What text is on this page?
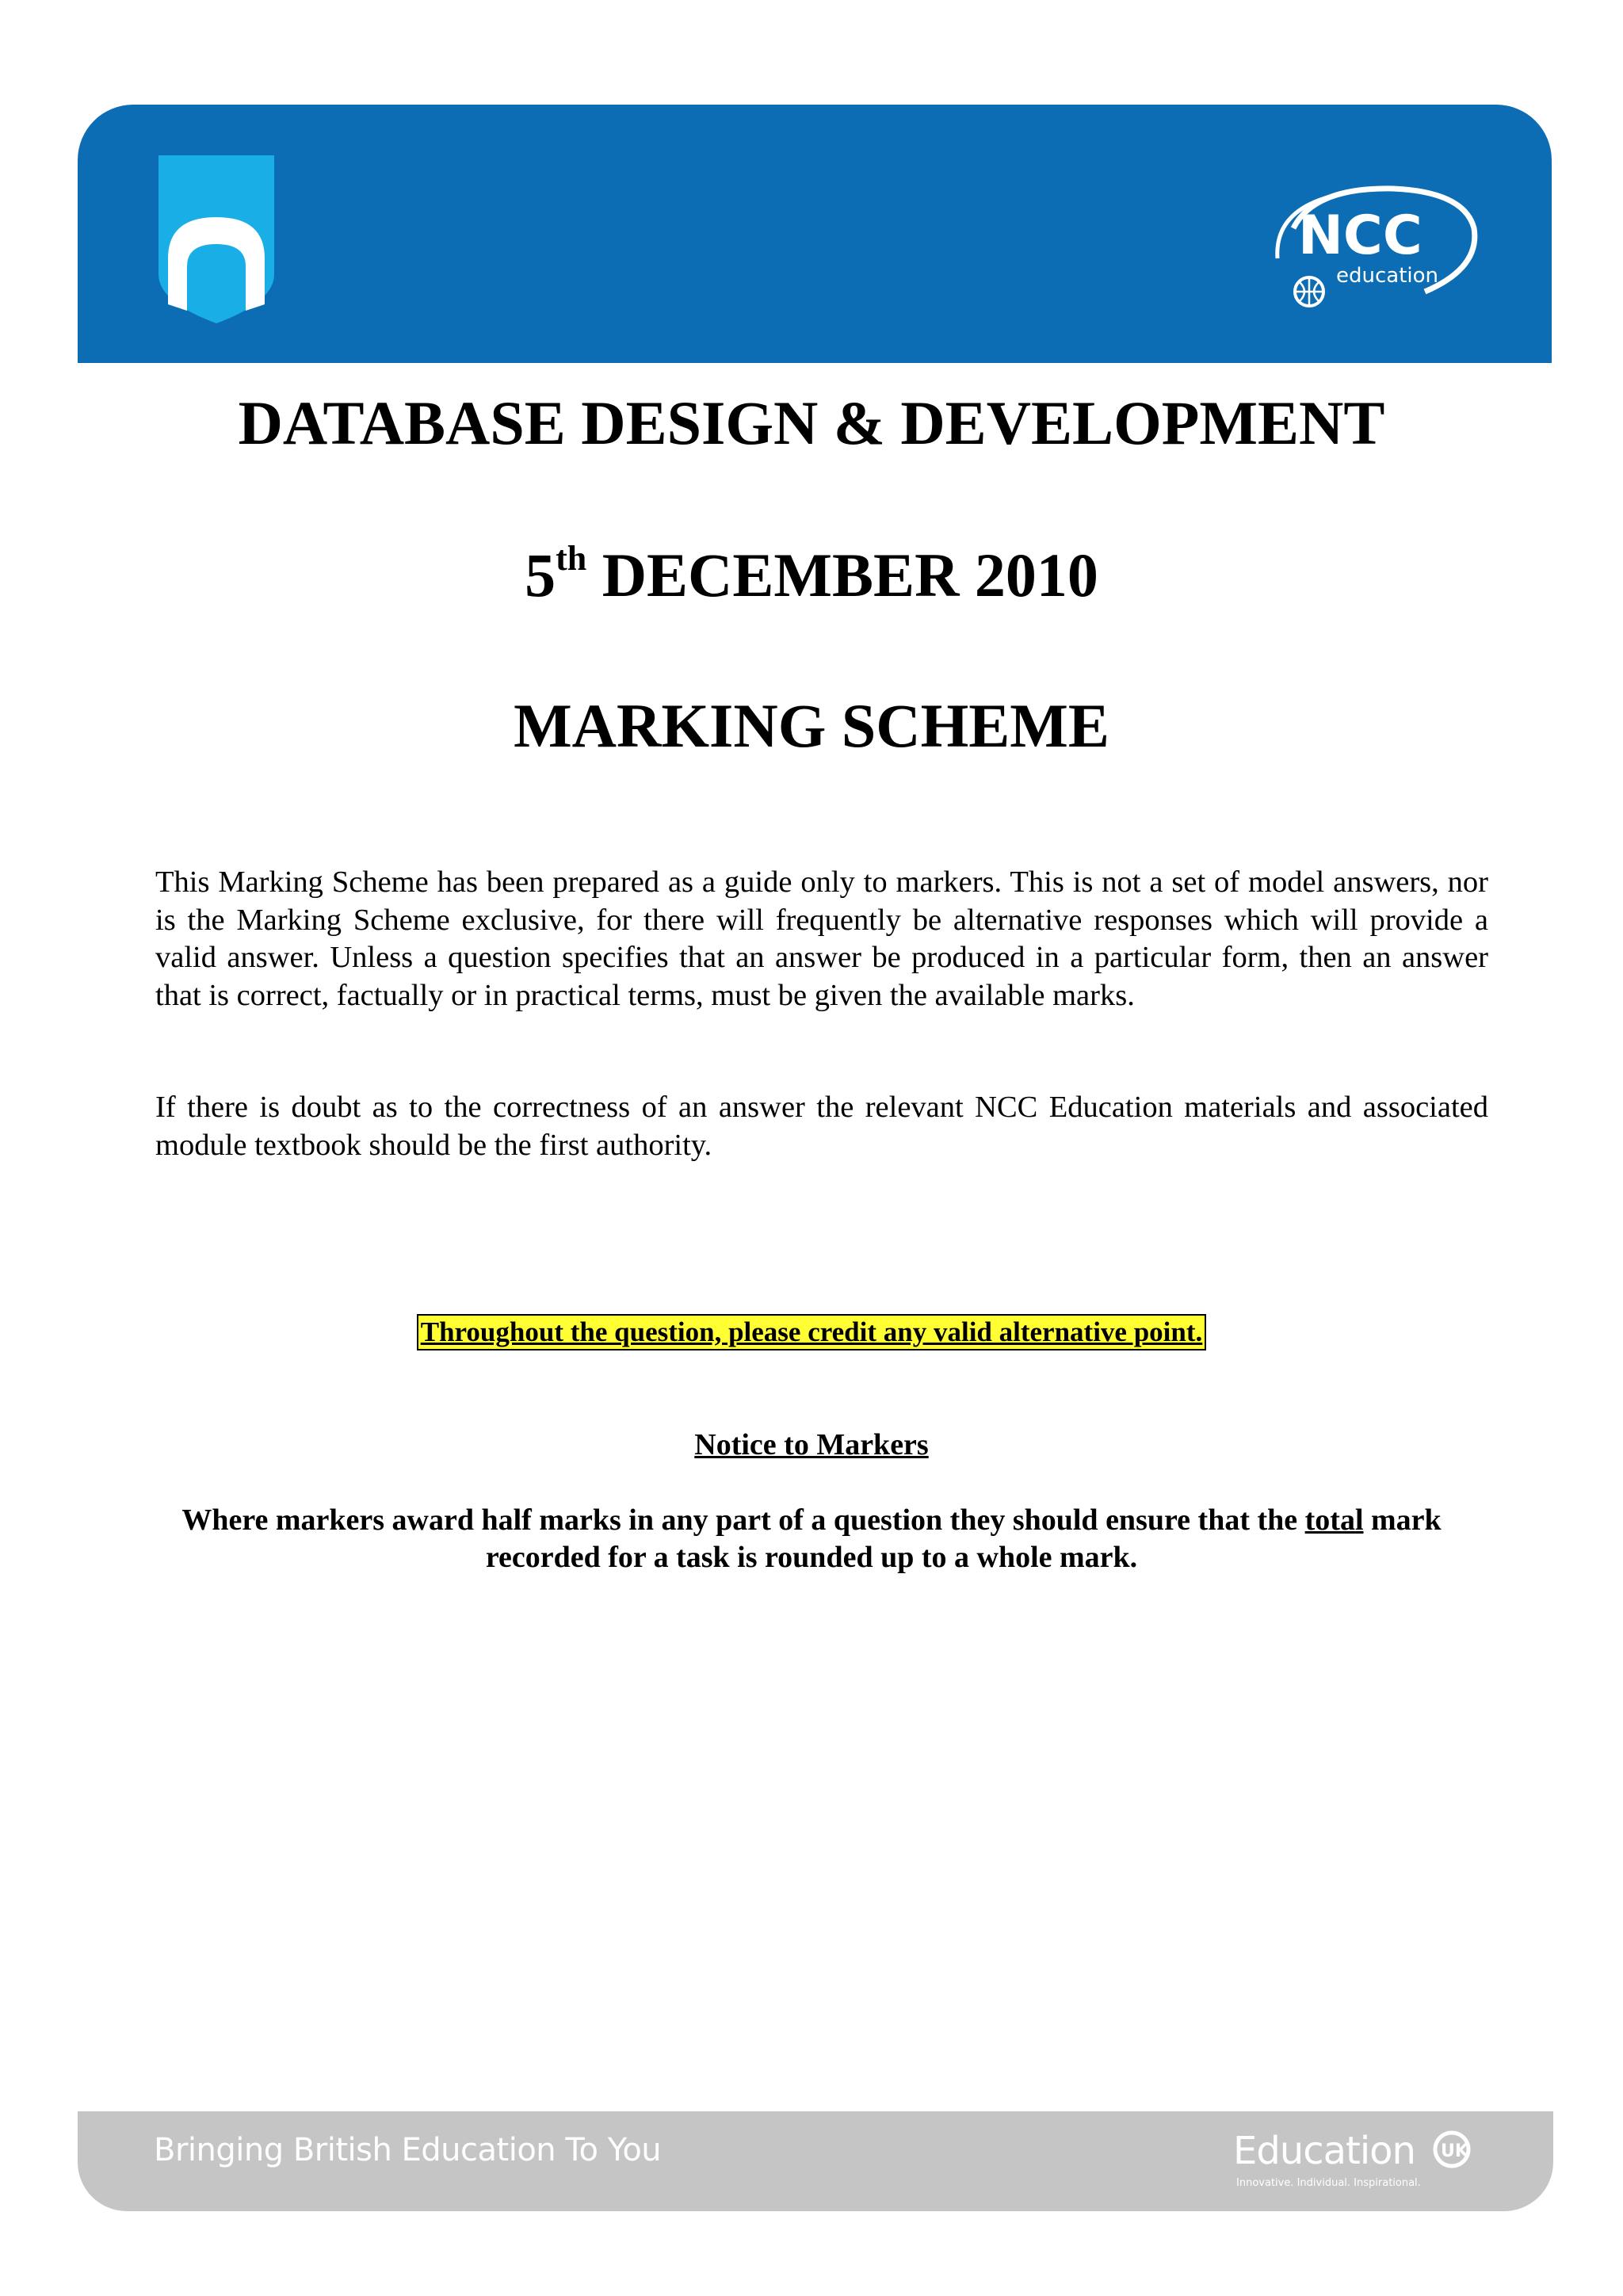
NCC
education
DATABASE DESIGN & DEVELOPMENT
5th DECEMBER 2010
MARKING SCHEME

This Marking Scheme has been prepared as a guide only to markers. This is not a set of model answers, nor is the Marking Scheme exclusive, for there will frequently be alternative responses which will provide a valid answer. Unless a question specifies that an answer be produced in a particular form, then an answer that is correct, factually or in practical terms, must be given the available marks.

If there is doubt as to the correctness of an answer the relevant NCC Education materials and associated module textbook should be the first authority.

Throughout the question, please credit any valid alternative point.
Notice to Markers

Where markers award half marks in any part of a question they should ensure that the total mark recorded for a task is rounded up to a whole mark.

Bringing British Education To You	Education UK
Innovative. Individual. Inspirational.
